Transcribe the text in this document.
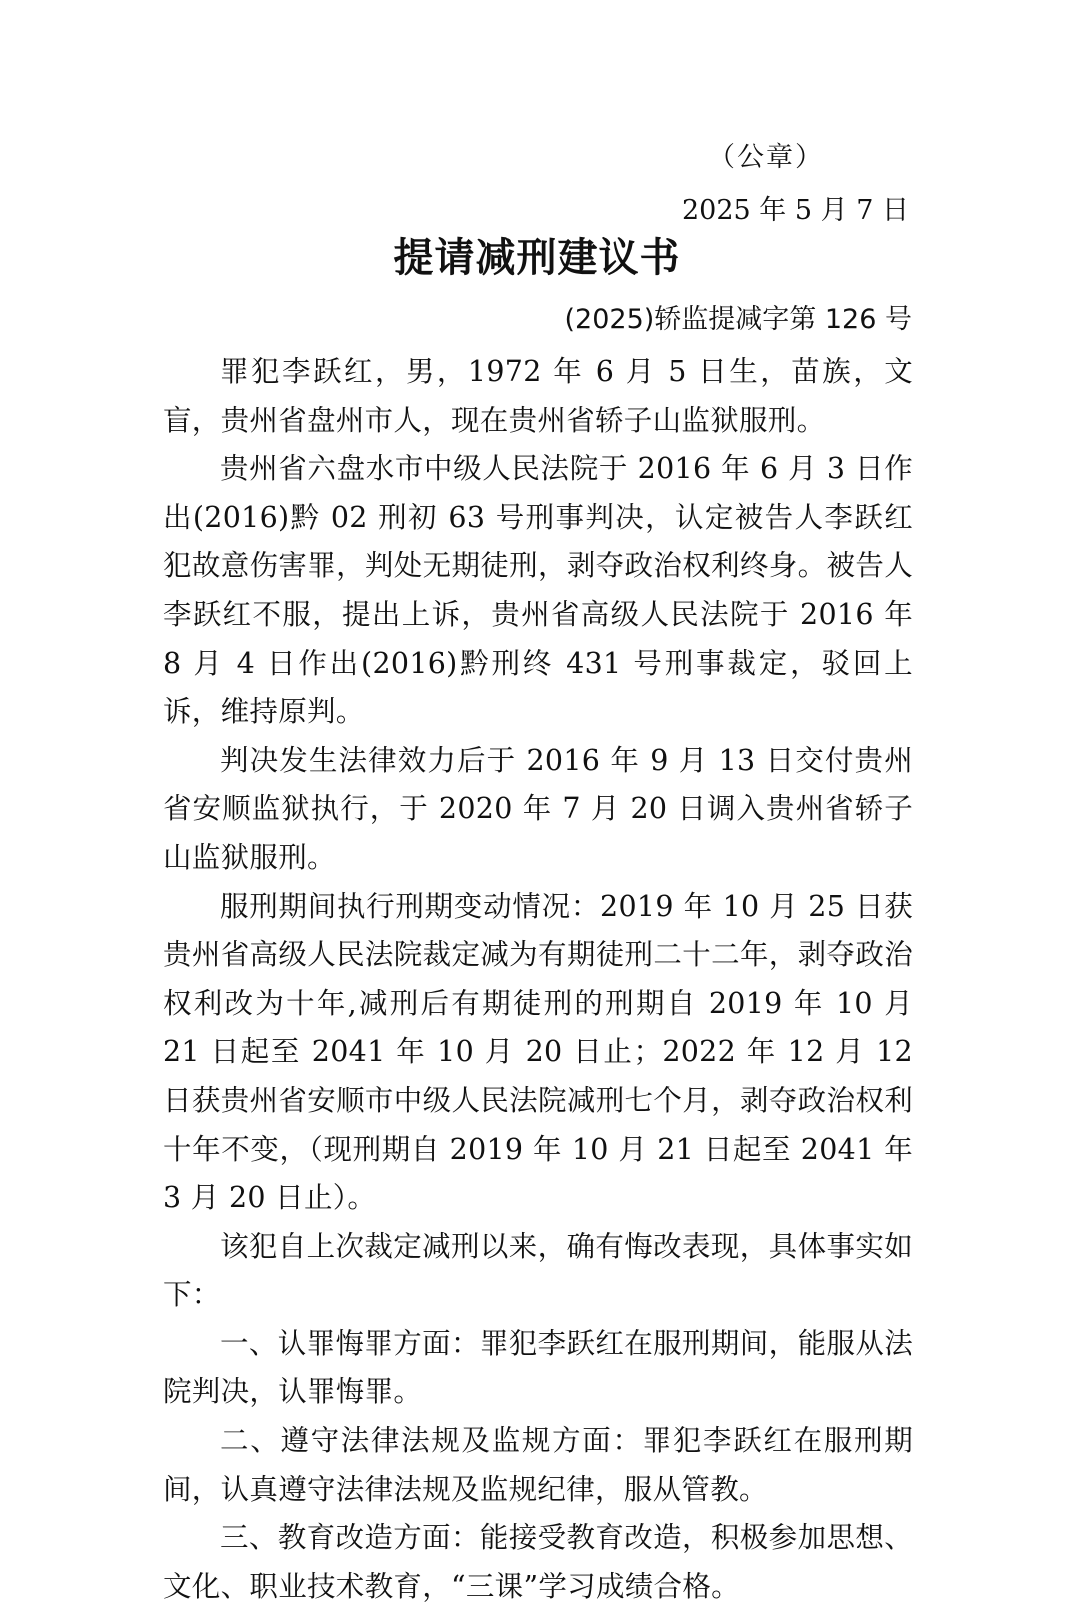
（公章）
2025 年 5 月 7 日
提请减刑建议书
(2025)轿监提减字第 126 号

罪犯李跃红，男，1972 年 6 月 5 日生，苗族，文盲，贵州省盘州市人，现在贵州省轿子山监狱服刑。

贵州省六盘水市中级人民法院于 2016 年 6 月 3 日作出(2016)黔 02 刑初 63 号刑事判决，认定被告人李跃红犯故意伤害罪，判处无期徒刑，剥夺政治权利终身。被告人李跃红不服，提出上诉，贵州省高级人民法院于 2016 年 8 月 4 日作出(2016)黔刑终 431 号刑事裁定，驳回上诉，维持原判。

判决发生法律效力后于 2016 年 9 月 13 日交付贵州省安顺监狱执行，于 2020 年 7 月 20 日调入贵州省轿子山监狱服刑。

服刑期间执行刑期变动情况：2019 年 10 月 25 日获贵州省高级人民法院裁定减为有期徒刑二十二年，剥夺政治权利改为十年,减刑后有期徒刑的刑期自 2019 年 10 月 21 日起至 2041 年 10 月 20 日止；2022 年 12 月 12 日获贵州省安顺市中级人民法院减刑七个月，剥夺政治权利十年不变，（现刑期自 2019 年 10 月 21 日起至 2041 年 3 月 20 日止）。

该犯自上次裁定减刑以来，确有悔改表现，具体事实如下：

一、认罪悔罪方面：罪犯李跃红在服刑期间，能服从法院判决，认罪悔罪。

二、遵守法律法规及监规方面：罪犯李跃红在服刑期间，认真遵守法律法规及监规纪律，服从管教。

三、教育改造方面：能接受教育改造，积极参加思想、文化、职业技术教育，“三课”学习成绩合格。
